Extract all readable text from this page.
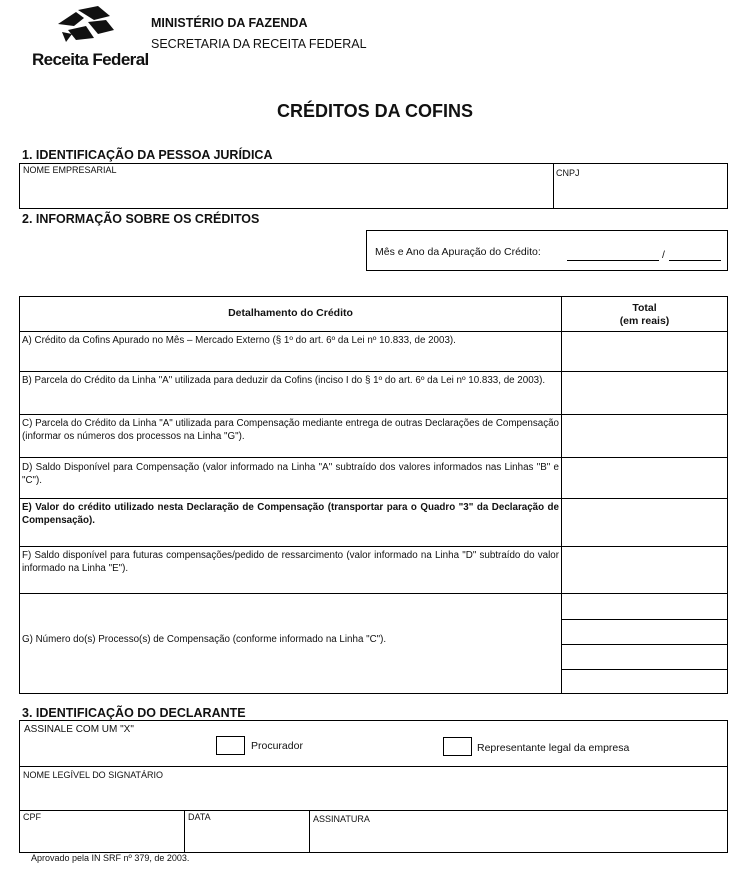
Receita Federal
MINISTÉRIO DA FAZENDA
SECRETARIA DA RECEITA FEDERAL
CRÉDITOS DA COFINS
1. IDENTIFICAÇÃO DA PESSOA JURÍDICA
NOME EMPRESARIAL	CNPJ
2. INFORMAÇÃO SOBRE OS CRÉDITOS
Mês e Ano da Apuração do Crédito:	/
Detalhamento do Crédito	Total
(em reais)
A) Crédito da Cofins Apurado no Mês – Mercado Externo (§ 1º do art. 6º da Lei nº 10.833, de 2003).
B) Parcela do Crédito da Linha "A" utilizada para deduzir da Cofins (inciso I do § 1º do art. 6º da Lei nº 10.833, de 2003).
C) Parcela do Crédito da Linha "A" utilizada para Compensação mediante entrega de outras Declarações de Compensação (informar os números dos processos na Linha "G").
D) Saldo Disponível para Compensação (valor informado na Linha "A" subtraído dos valores informados nas Linhas "B" e "C").
E) Valor do crédito utilizado nesta Declaração de Compensação (transportar para o Quadro "3" da Declaração de Compensação).
F) Saldo disponível para futuras compensações/pedido de ressarcimento (valor informado na Linha "D" subtraído do valor informado na Linha "E").
G) Número do(s) Processo(s) de Compensação (conforme informado na Linha "C").
3. IDENTIFICAÇÃO DO DECLARANTE
ASSINALE COM UM "X"
Procurador	Representante legal da empresa
NOME LEGÍVEL DO SIGNATÁRIO
CPF	DATA	ASSINATURA
Aprovado pela IN SRF nº 379, de 2003.
